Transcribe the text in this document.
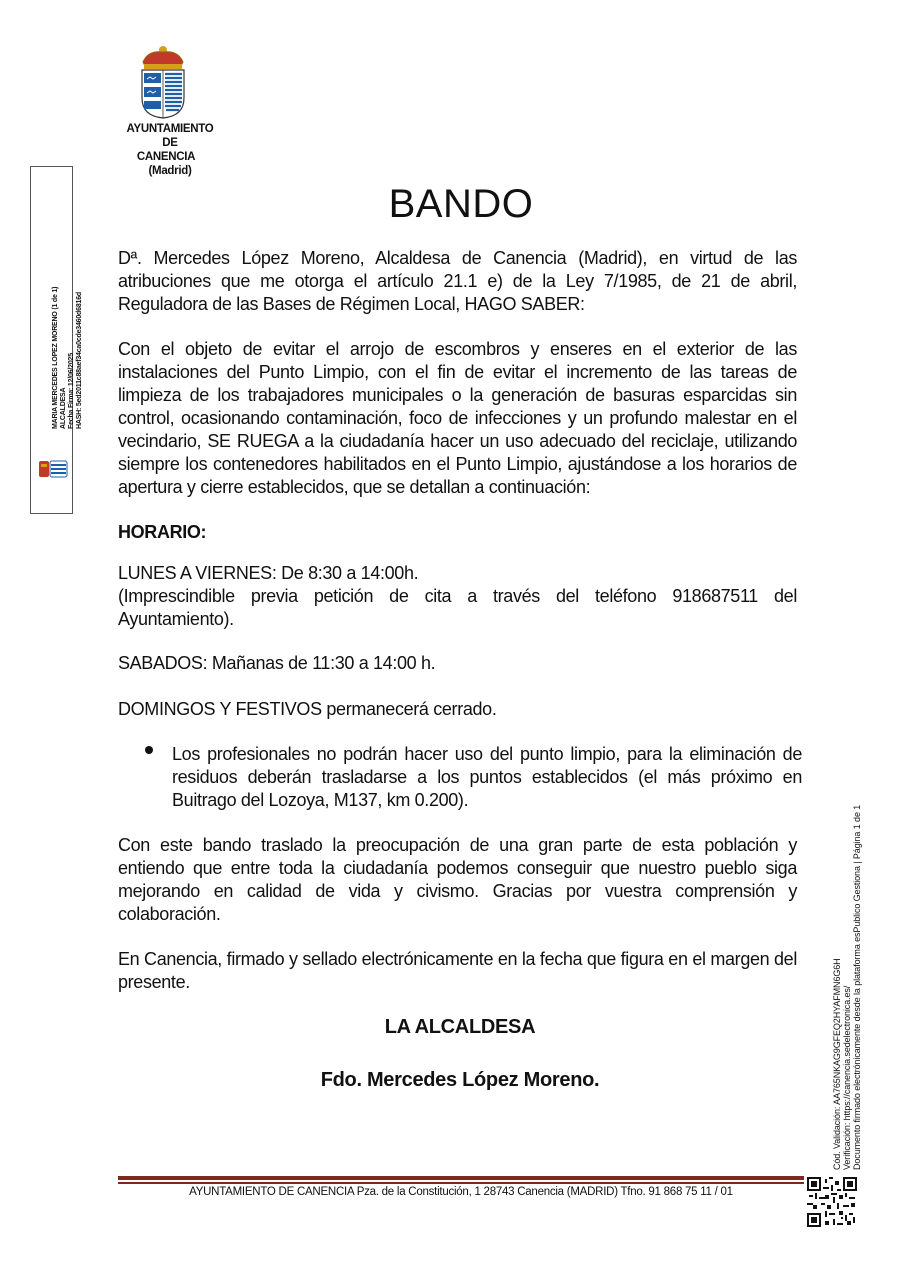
AYUNTAMIENTO
DE
CANENCIA
(Madrid)
MARIA MERCEDES LOPEZ MORENO (1 de 1) ALCALDESA Fecha Firma: 12/06/2025 HASH: 5ed2011c88aef34ca0cde3460d6816d
BANDO
Dª. Mercedes López Moreno, Alcaldesa de Canencia (Madrid), en virtud de las atribuciones que me otorga el artículo 21.1 e) de la Ley 7/1985, de 21 de abril, Reguladora de las Bases de Régimen Local, HAGO SABER:
Con el objeto de evitar el arrojo de escombros y enseres en el exterior de las instalaciones del Punto Limpio, con el fin de evitar el incremento de las tareas de limpieza de los trabajadores municipales o la generación de basuras esparcidas sin control, ocasionando contaminación, foco de infecciones y un profundo malestar en el vecindario, SE RUEGA a la ciudadanía hacer un uso adecuado del reciclaje, utilizando siempre los contenedores habilitados en el Punto Limpio, ajustándose a los horarios de apertura y cierre establecidos, que se detallan a continuación:
HORARIO:
LUNES A VIERNES: De 8:30 a 14:00h.
(Imprescindible previa petición de cita a través del teléfono 918687511 del Ayuntamiento).
SABADOS: Mañanas de 11:30 a 14:00 h.
DOMINGOS Y FESTIVOS permanecerá cerrado.
Los profesionales no podrán hacer uso del punto limpio, para la eliminación de residuos deberán trasladarse a los puntos establecidos (el más próximo en Buitrago del Lozoya, M137, km 0.200).
Con este bando traslado la preocupación de una gran parte de esta población y entiendo que entre toda la ciudadanía podemos conseguir que nuestro pueblo siga mejorando en calidad de vida y civismo. Gracias por vuestra comprensión y colaboración.
En Canencia, firmado y sellado electrónicamente en la fecha que figura en el margen del presente.
LA ALCALDESA
Fdo. Mercedes López Moreno.
AYUNTAMIENTO DE CANENCIA Pza. de la Constitución, 1 28743 Canencia (MADRID) Tfno. 91 868 75 11 / 01
Cód. Validación: AA765NKAG9GFEQ2HYAFMN6G6H Verificación: https://canencia.sedelectronica.es/ Documento firmado electrónicamente desde la plataforma esPublico Gestiona | Página 1 de 1
